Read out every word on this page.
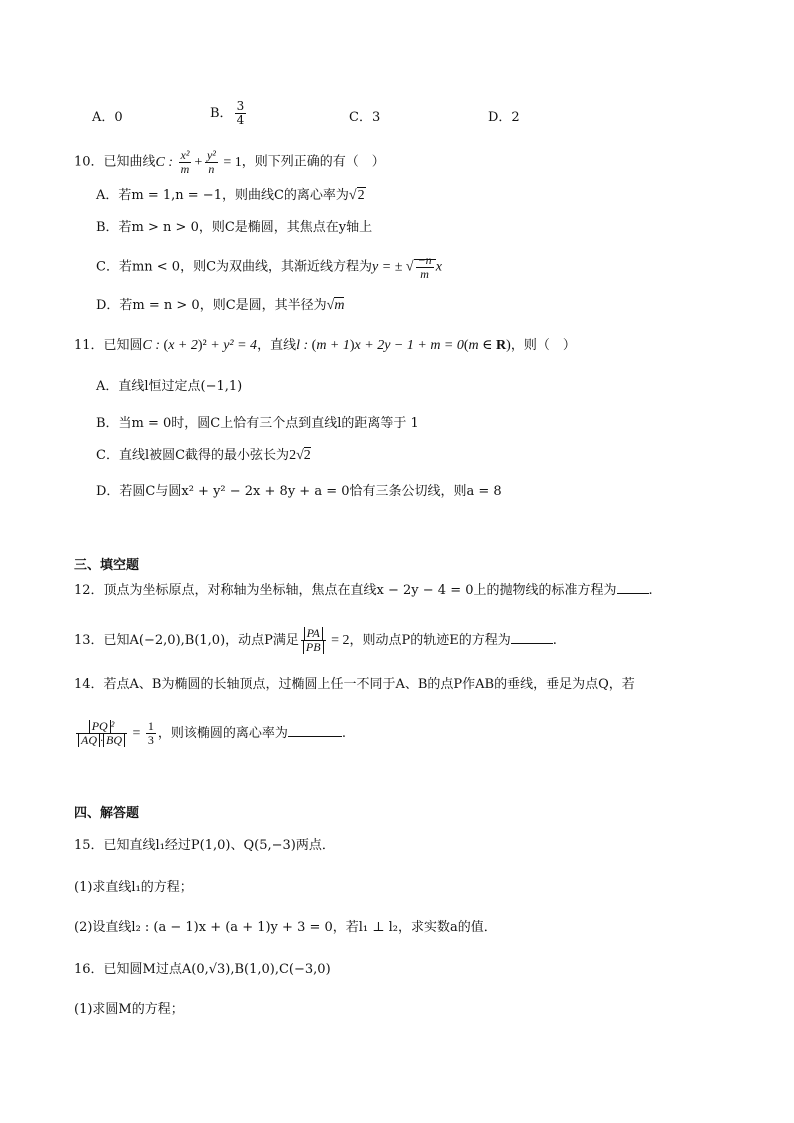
A．0	B． $\frac{3}{4}$	C．3	D．2
10．已知曲线C : $\frac{\text{x²}}{m} + \frac{\text{y²}}{n} = 1$，则下列正确的有（　）
A．若m = 1,n = −1，则曲线C的离心率为√2
B．若m > n > 0，则C是椭圆，其焦点在y轴上
C．若mn < 0，则C为双曲线，其渐近线方程为y = ± √ $\frac{-n}{m}$ x
D．若m = n > 0，则C是圆，其半径为√m
11．已知圆C : (x + 2)² + y² = 4，直线l : (m + 1)x + 2y − 1 + m = 0(m ∈ R)，则（　）
A．直线l恒过定点(−1,1)
B．当m = 0时，圆C上恰有三个点到直线l的距离等于 1
C．直线l被圆C截得的最小弦长为2√2
D．若圆C与圆x² + y² − 2x + 8y + a = 0恰有三条公切线，则a = 8
三、填空题
12．顶点为坐标原点，对称轴为坐标轴，焦点在直线x − 2y − 4 = 0上的抛物线的标准方程为 .
13．已知A(−2,0),B(1,0)，动点P满足 $\frac{PA}{PB} = 2$，则动点P的轨迹E的方程为	.
14．若点A、B为椭圆的长轴顶点，过椭圆上任一不同于A、B的点P作AB的垂线，垂足为点Q，若
$\frac{\text{PQ ²}}{AQ \cdot BQ} = \frac{1}{3}$ ，则该椭圆的离心率为	.
四、解答题
15．已知直线l₁经过P(1,0)、Q(5,−3)两点．
(1)求直线l₁的方程；
(2)设直线l₂ : (a − 1)x + (a + 1)y + 3 = 0，若l₁ ⊥ l₂，求实数a的值．
16．已知圆M过点A(0,√3),B(1,0),C(−3,0)
(1)求圆M的方程；
